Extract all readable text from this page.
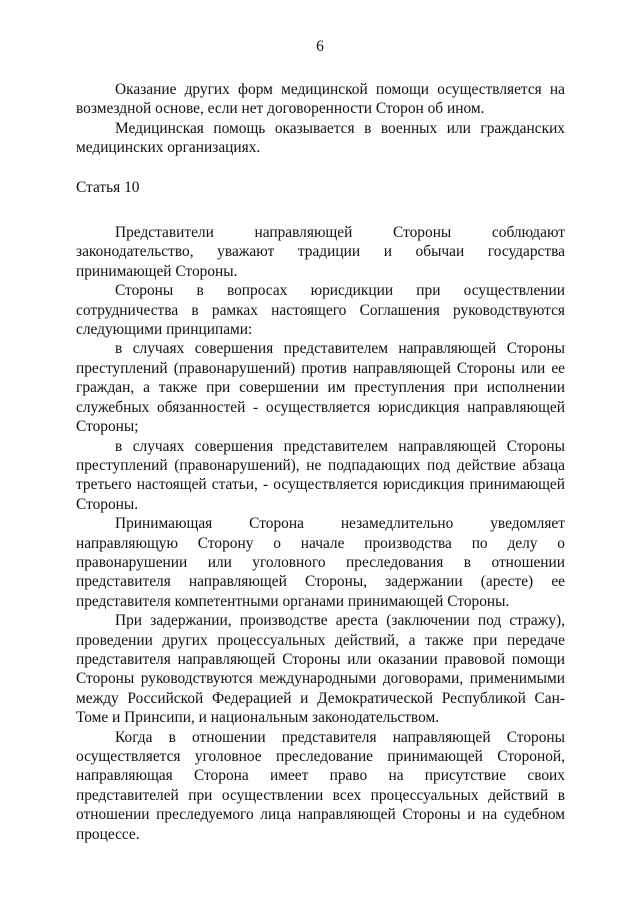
6

Оказание других форм медицинской помощи осуществляется на возмездной основе, если нет договоренности Сторон об ином.

Медицинская помощь оказывается в военных или гражданских медицинских организациях.

Статья 10

Представители направляющей Стороны соблюдают законодательство, уважают традиции и обычаи государства принимающей Стороны.

Стороны в вопросах юрисдикции при осуществлении сотрудничества в рамках настоящего Соглашения руководствуются следующими принципами:

в случаях совершения представителем направляющей Стороны преступлений (правонарушений) против направляющей Стороны или ее граждан, а также при совершении им преступления при исполнении служебных обязанностей - осуществляется юрисдикция направляющей Стороны;

в случаях совершения представителем направляющей Стороны преступлений (правонарушений), не подпадающих под действие абзаца третьего настоящей статьи, - осуществляется юрисдикция принимающей Стороны.

Принимающая Сторона незамедлительно уведомляет направляющую Сторону о начале производства по делу о правонарушении или уголовного преследования в отношении представителя направляющей Стороны, задержании (аресте) ее представителя компетентными органами принимающей Стороны.

При задержании, производстве ареста (заключении под стражу), проведении других процессуальных действий, а также при передаче представителя направляющей Стороны или оказании правовой помощи Стороны руководствуются международными договорами, применимыми между Российской Федерацией и Демократической Республикой Сан-Томе и Принсипи, и национальным законодательством.

Когда в отношении представителя направляющей Стороны осуществляется уголовное преследование принимающей Стороной, направляющая Сторона имеет право на присутствие своих представителей при осуществлении всех процессуальных действий в отношении преследуемого лица направляющей Стороны и на судебном процессе.
